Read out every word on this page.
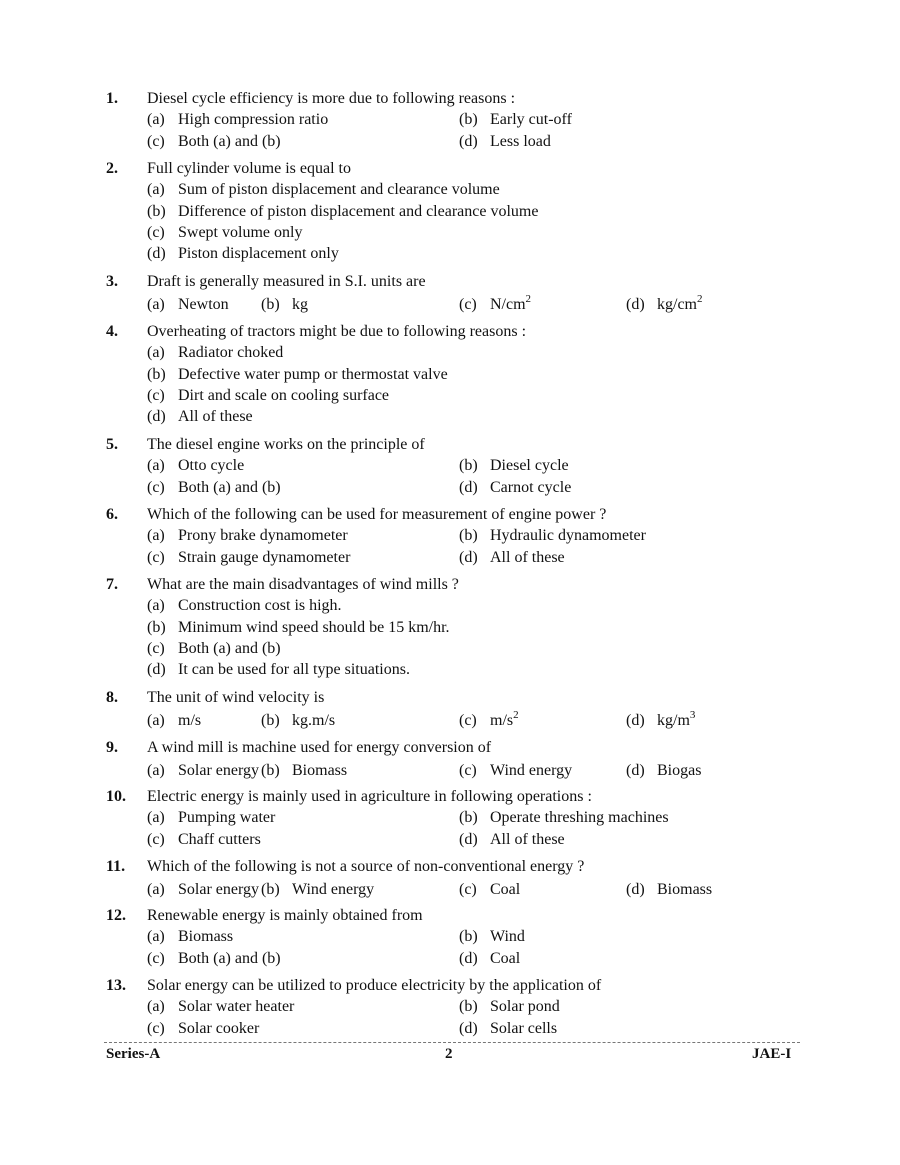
1. Diesel cycle efficiency is more due to following reasons :
(a) High compression ratio	(b) Early cut-off
(c) Both (a) and (b)	(d) Less load
2. Full cylinder volume is equal to
(a) Sum of piston displacement and clearance volume
(b) Difference of piston displacement and clearance volume
(c) Swept volume only
(d) Piston displacement only
3. Draft is generally measured in S.I. units are
(a) Newton (b) kg	(c) $N/cm^2$	(d) $kg/cm^2$
4. Overheating of tractors might be due to following reasons :
(a) Radiator choked
(b) Defective water pump or thermostat valve
(c) Dirt and scale on cooling surface
(d) All of these
5. The diesel engine works on the principle of
(a) Otto cycle	(b) Diesel cycle
(c) Both (a) and (b)	(d) Carnot cycle
6. Which of the following can be used for measurement of engine power ?
(a) Prony brake dynamometer	(b) Hydraulic dynamometer
(c) Strain gauge dynamometer	(d) All of these
7. What are the main disadvantages of wind mills ?
(a) Construction cost is high.
(b) Minimum wind speed should be 15 km/hr.
(c) Both (a) and (b)
(d) It can be used for all type situations.
8. The unit of wind velocity is
(a) m/s	(b) kg.m/s	(c) $m/s^2$	(d) $kg/m^3$
9. A wind mill is machine used for energy conversion of
(a) Solar energy (b) Biomass	(c) Wind energy	(d) Biogas
10. Electric energy is mainly used in agriculture in following operations :
(a) Pumping water	(b) Operate threshing machines
(c) Chaff cutters	(d) All of these
11. Which of the following is not a source of non-conventional energy ?
(a) Solar energy (b) Wind energy	(c) Coal	(d) Biomass
12. Renewable energy is mainly obtained from
(a) Biomass	(b) Wind
(c) Both (a) and (b)	(d) Coal
13. Solar energy can be utilized to produce electricity by the application of
(a) Solar water heater	(b) Solar pond
(c) Solar cooker	(d) Solar cells
Series-A	2	JAE-I
